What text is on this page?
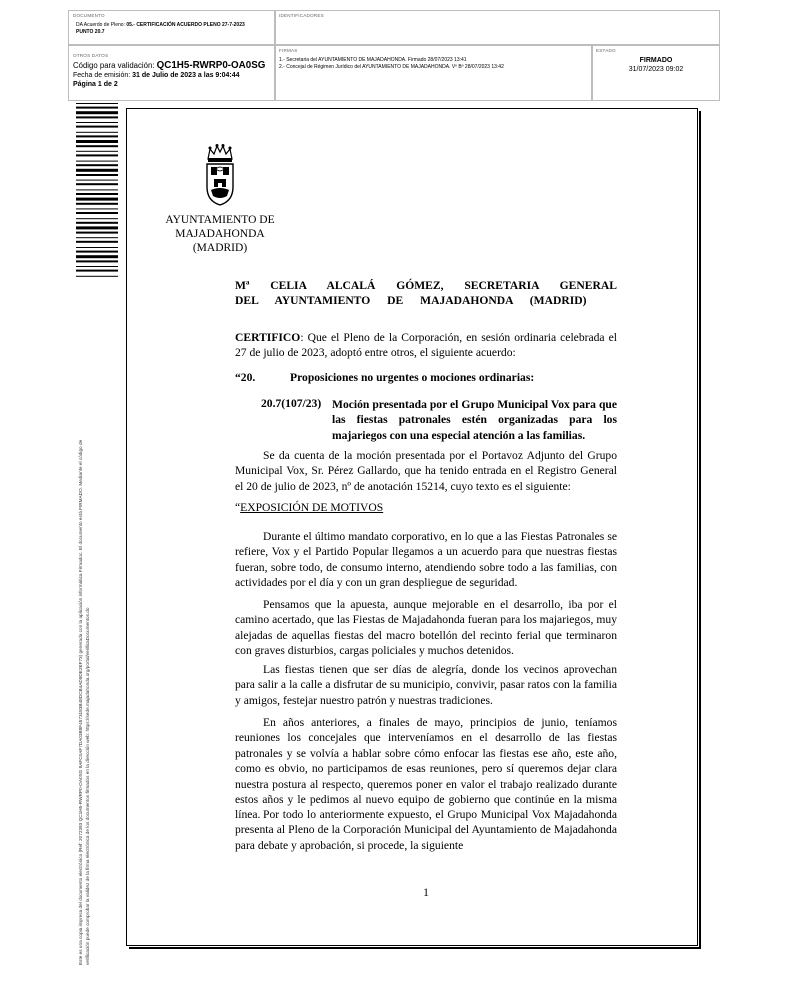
DOCUMENTO
DA Acuerdo de Pleno: 05.- CERTIFICACIÓN ACUERDO PLENO 27-7-2023
PUNTO 20.7
IDENTIFICADORES
OTROS DATOS
Código para validación: QC1H5-RWRP0-OA0SG
Fecha de emisión: 31 de Julio de 2023 a las 9:04:44
Página 1 de 2
FIRMAS
1.- Secretaria del AYUNTAMIENTO DE MAJADAHONDA. Firmado 28/07/2023 13:41
2.- Concejal de Régimen Jurídico del AYUNTAMIENTO DE MAJADAHONDA. Vº Bº 28/07/2023 13:42
ESTADO
FIRMADO
31/07/2023 09:02
Este es una copia impresa del documento electrónico (Ref: 2072393 QC1H5-RWRP0-OA0SG 8AFC0AF7DA03B8F4573183B48DCB4AD9DE2EF73) generada con la aplicación informática Firmadoc. El documento está FIRMADO. Mediante el código de verificación puede comprobar la validez de la firma electrónica de los documentos firmados en la dirección web: https://sede.majadahonda.org/portal/verificaDocumentos.do
AYUNTAMIENTO DE
MAJADAHONDA
(MADRID)
Mª CELIA ALCALÁ GÓMEZ, SECRETARIA GENERAL DEL AYUNTAMIENTO DE MAJADAHONDA (MADRID)
CERTIFICO: Que el Pleno de la Corporación, en sesión ordinaria celebrada el 27 de julio de 2023, adoptó entre otros, el siguiente acuerdo:
“20.	Proposiciones no urgentes o mociones ordinarias:
20.7(107/23) Moción presentada por el Grupo Municipal Vox para que las fiestas patronales estén organizadas para los majariegos con una especial atención a las familias.
Se da cuenta de la moción presentada por el Portavoz Adjunto del Grupo Municipal Vox, Sr. Pérez Gallardo, que ha tenido entrada en el Registro General el 20 de julio de 2023, nº de anotación 15214, cuyo texto es el siguiente:
“EXPOSICIÓN DE MOTIVOS
Durante el último mandato corporativo, en lo que a las Fiestas Patronales se refiere, Vox y el Partido Popular llegamos a un acuerdo para que nuestras fiestas fueran, sobre todo, de consumo interno, atendiendo sobre todo a las familias, con actividades por el día y con un gran despliegue de seguridad.
Pensamos que la apuesta, aunque mejorable en el desarrollo, iba por el camino acertado, que las Fiestas de Majadahonda fueran para los majariegos, muy alejadas de aquellas fiestas del macro botellón del recinto ferial que terminaron con graves disturbios, cargas policiales y muchos detenidos.
Las fiestas tienen que ser días de alegría, donde los vecinos aprovechan para salir a la calle a disfrutar de su municipio, convivir, pasar ratos con la familia y amigos, festejar nuestro patrón y nuestras tradiciones.
En años anteriores, a finales de mayo, principios de junio, teníamos reuniones los concejales que interveníamos en el desarrollo de las fiestas patronales y se volvía a hablar sobre cómo enfocar las fiestas ese año, este año, como es obvio, no participamos de esas reuniones, pero sí queremos dejar clara nuestra postura al respecto, queremos poner en valor el trabajo realizado durante estos años y le pedimos al nuevo equipo de gobierno que continúe en la misma línea. Por todo lo anteriormente expuesto, el Grupo Municipal Vox Majadahonda presenta al Pleno de la Corporación Municipal del Ayuntamiento de Majadahonda para debate y aprobación, si procede, la siguiente
1
